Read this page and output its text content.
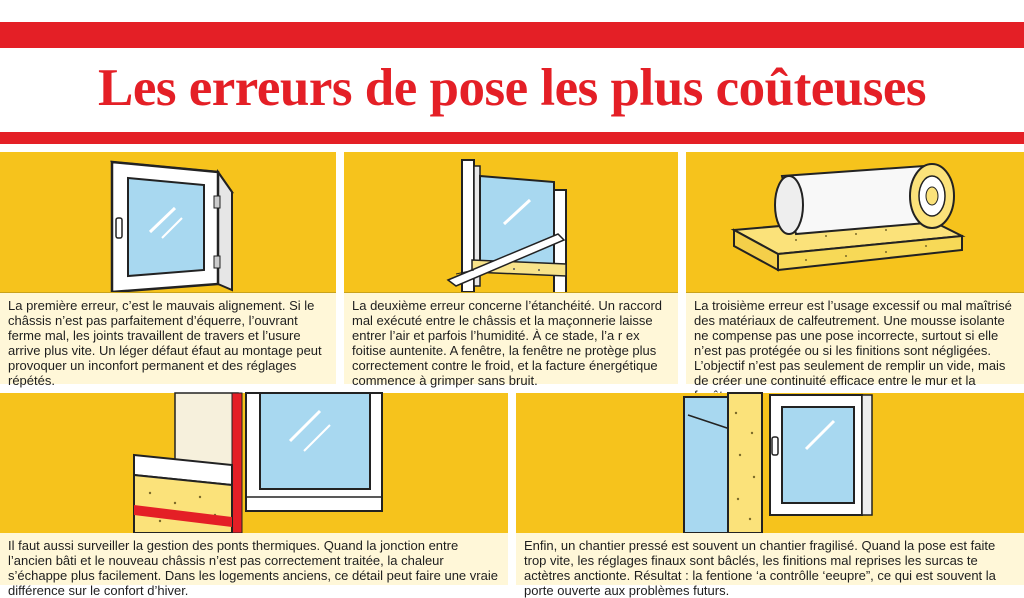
Les erreurs de pose les plus coûteuses
La première erreur, c’est le mauvais alignement. Si le châssis n’est pas parfaitement d’équerre, l’ouvrant ferme mal, les joints travaillent de travers et l’usure arrive plus vite. Un léger défaut éfaut au montage peut provoquer un inconfort permanent et des réglages répétés.
La deuxième erreur concerne l’étanchéité. Un raccord mal exécuté entre le châssis et la maçonnerie laisse entrer l’air et parfois l’humidité. À ce stade, l’a r ex foitise auntenite. A fenêtre, la fenêtre ne protège plus correctement contre le froid, et la facture énergétique commence à grimper sans bruit.
La troisième erreur est l’usage excessif ou mal maîtrisé des matériaux de calfeutrement. Une mousse isolante ne compense pas une pose incorrecte, surtout si elle n’est pas protégée ou si les finitions sont négligées. L’objectif n’est pas seulement de remplir un vide, mais de créer une continuité efficace entre le mur et la
Il faut aussi surveiller la gestion des ponts thermiques. Quand la jonction entre l’ancien bâti et le nouveau châssis n’est pas correctement traitée, la chaleur s’échappe plus facilement. Dans les logements anciens, ce détail peut faire une vraie différence sur le confort d’hiver.
Enfin, un chantier pressé est souvent un chantier fragilisé. Quand la pose est faite trop vite, les réglages finaux sont bâclés, les finitions mal reprises les surcas te actètres anctionte. Résultat : la fentione ‘a contrôlle ‘eeupre”, ce qui est souvent la porte ouverte aux problèmes futurs.
